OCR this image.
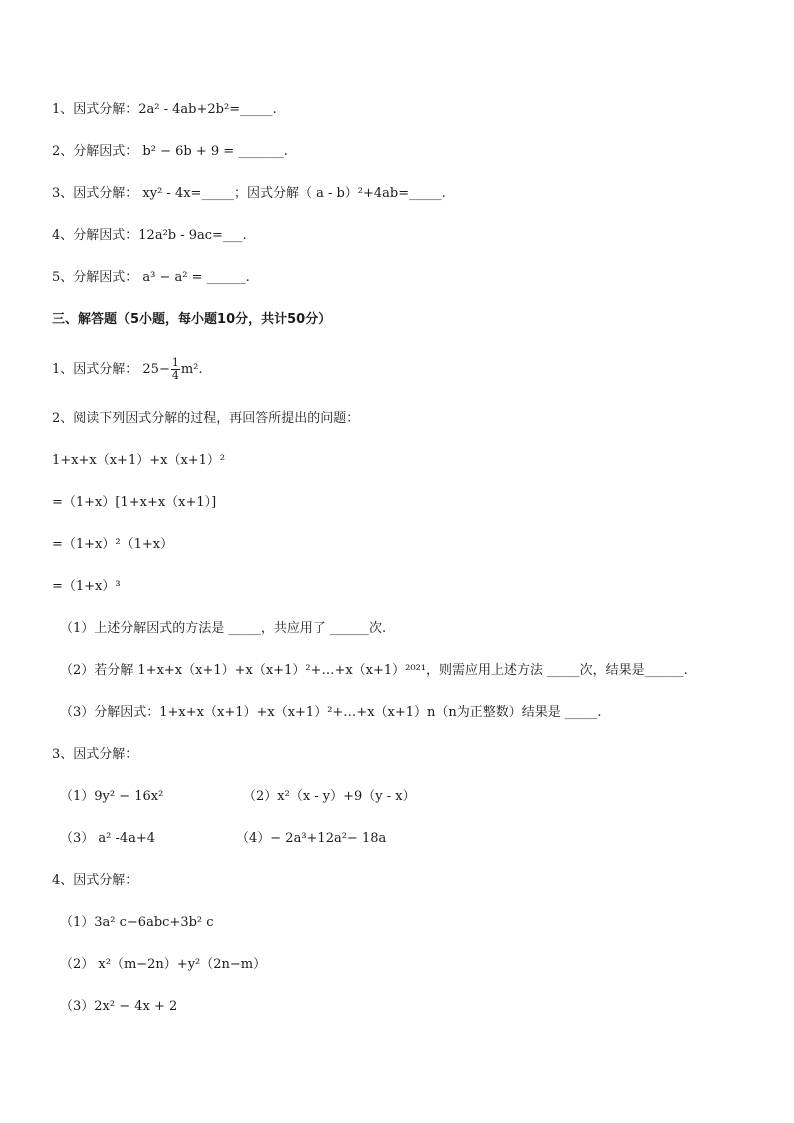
1、因式分解：2a² - 4ab+2b²=_____.
2、分解因式： b² − 6b + 9 = _______.
3、因式分解： xy² - 4x=_____；因式分解（ a - b）²+4ab=_____.
4、分解因式：12a²b - 9ac=___.
5、分解因式： a³ − a² = ______.
三、解答题（5小题，每小题10分，共计50分）
1、因式分解： $25- \frac{1}{4} m^2$.
2、阅读下列因式分解的过程，再回答所提出的问题：
1+x+x（x+1）+x（x+1）²
=（1+x）[1+x+x（x+1）]
=（1+x）²（1+x）
=（1+x）³
（1）上述分解因式的方法是 _____，共应用了 ______次.
（2）若分解 1+x+x（x+1）+x（x+1）²+…+x（x+1）²⁰²¹，则需应用上述方法 _____次，结果是______.
（3）分解因式：1+x+x（x+1）+x（x+1）²+…+x（x+1）n（n为正整数）结果是 _____.
3、因式分解：
（1）9y² − 16x²	（2）x²（x - y）+9（y - x）
（3） a² -4a+4	（4）− 2a³+12a²− 18a
4、因式分解：
（1）3a² c−6abc+3b² c
（2） x²（m−2n）+y²（2n−m）
（3）2x² − 4x + 2
